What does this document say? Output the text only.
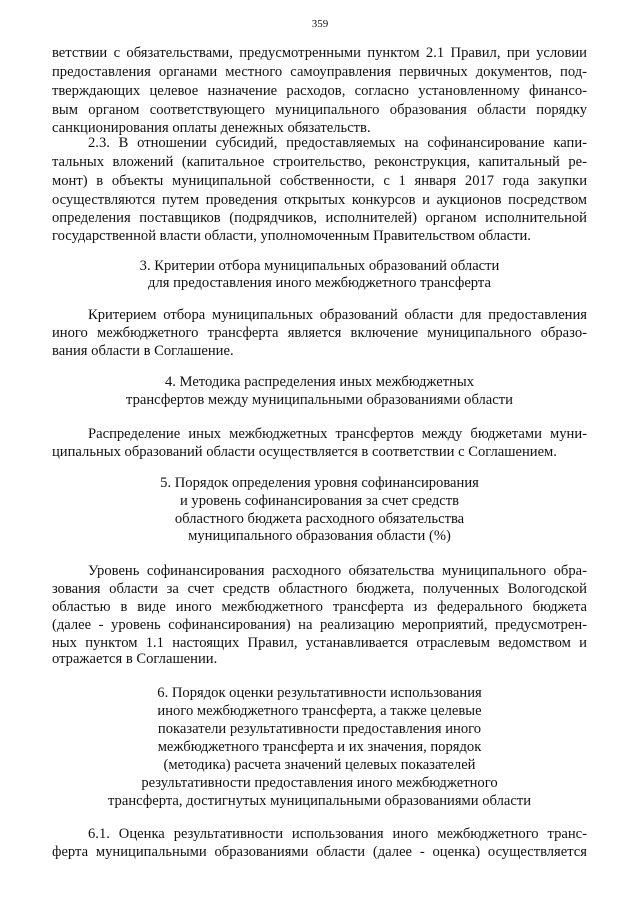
359
ветствии с обязательствами, предусмотренными пунктом 2.1 Правил, при условии
предоставления органами местного самоуправления первичных документов, под-
тверждающих целевое назначение расходов, согласно установленному финансо-
вым органом соответствующего муниципального образования области порядку
санкционирования оплаты денежных обязательств.
2.3. В отношении субсидий, предоставляемых на софинансирование капи-
тальных вложений (капитальное строительство, реконструкция, капитальный ре-
монт) в объекты муниципальной собственности, с 1 января 2017 года закупки
осуществляются путем проведения открытых конкурсов и аукционов посредством
определения поставщиков (подрядчиков, исполнителей) органом исполнительной
государственной власти области, уполномоченным Правительством области.
3. Критерии отбора муниципальных образований области
для предоставления иного межбюджетного трансферта
Критерием отбора муниципальных образований области для предоставления
иного межбюджетного трансферта является включение муниципального образо-
вания области в Соглашение.
4. Методика распределения иных межбюджетных
трансфертов между муниципальными образованиями области
Распределение иных межбюджетных трансфертов между бюджетами муни-
ципальных образований области осуществляется в соответствии с Соглашением.
5. Порядок определения уровня софинансирования
и уровень софинансирования за счет средств
областного бюджета расходного обязательства
муниципального образования области (%)
Уровень софинансирования расходного обязательства муниципального обра-
зования области за счет средств областного бюджета, полученных Вологодской
областью в виде иного межбюджетного трансферта из федерального бюджета
(далее - уровень софинансирования) на реализацию мероприятий, предусмотрен-
ных пунктом 1.1 настоящих Правил, устанавливается отраслевым ведомством и
отражается в Соглашении.
6. Порядок оценки результативности использования
иного межбюджетного трансферта, а также целевые
показатели результативности предоставления иного
межбюджетного трансферта и их значения, порядок
(методика) расчета значений целевых показателей
результативности предоставления иного межбюджетного
трансферта, достигнутых муниципальными образованиями области
6.1. Оценка результативности использования иного межбюджетного транс-
ферта муниципальными образованиями области (далее - оценка) осуществляется
